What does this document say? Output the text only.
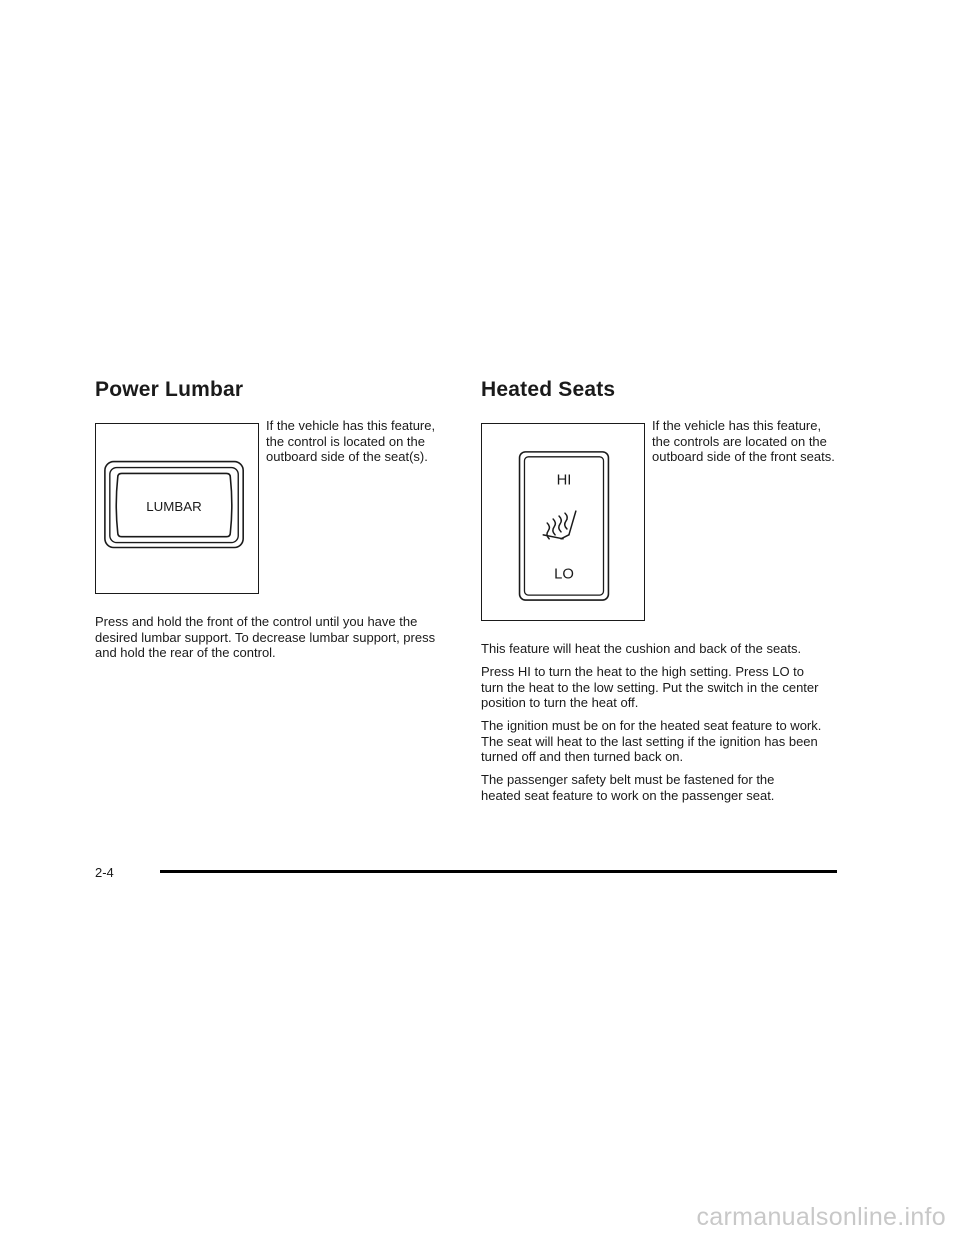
Power Lumbar
LUMBAR

If the vehicle has this feature, the control is located on the outboard side of the seat(s).

Press and hold the front of the control until you have the desired lumbar support. To decrease lumbar support, press and hold the rear of the control.

Heated Seats
HI
LO

If the vehicle has this feature, the controls are located on the outboard side of the front seats.

This feature will heat the cushion and back of the seats.

Press HI to turn the heat to the high setting. Press LO to turn the heat to the low setting. Put the switch in the center position to turn the heat off.

The ignition must be on for the heated seat feature to work. The seat will heat to the last setting if the ignition has been turned off and then turned back on.

The passenger safety belt must be fastened for the heated seat feature to work on the passenger seat.

2-4
carmanualsonline.info
